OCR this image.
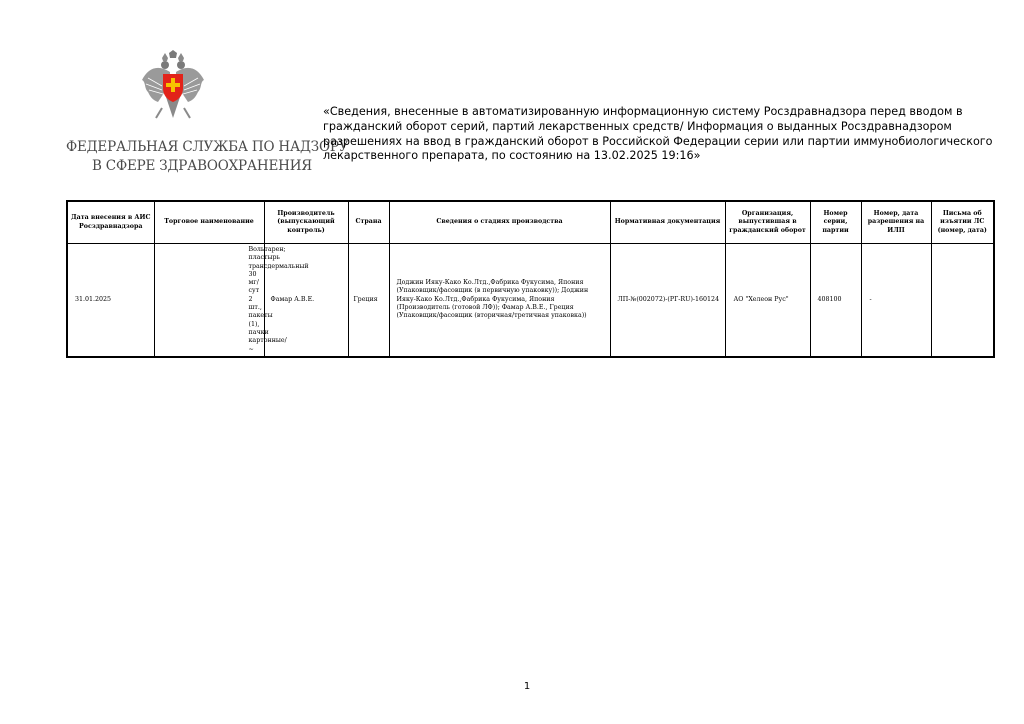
ФЕДЕРАЛЬНАЯ СЛУЖБА ПО НАДЗОРУ
В СФЕРЕ ЗДРАВООХРАНЕНИЯ
«Сведения, внесенные в автоматизированную информационную систему Росздравнадзора перед вводом в гражданский оборот серий, партий лекарственных средств/ Информация о выданных Росздравнадзором разрешениях на ввод в гражданский оборот в Российской Федерации серии или партии иммунобиологического лекарственного препарата, по состоянию на 13.02.2025 19:16»
Дата внесения в АИС Росздравнадзора	Торговое наименование	Производитель (выпускающий контроль)	Страна	Сведения о стадиях производства	Нормативная документация	Организация, выпустившая в гражданский оборот	Номер серии, партии	Номер, дата разрешения на ИЛП	Письма об изъятии ЛС (номер, дата)
31.01.2025	Вольтарен; пластырь трансдермальный 30 мг/сут 2 шт., пакеты (1), пачки картонные/ ~	Фамар А.В.Е.	Греция	Доджин Ияку-Како Ко.Лтд.,Фабрика Фукусима, Япония (Упаковщик/фасовщик (в первичную упаковку)); Доджин Ияку-Како Ко.Лтд.,Фабрика Фукусима, Япония (Производитель (готовой ЛФ)); Фамар А.В.Е., Греция (Упаковщик/фасовщик (вторичная/третичная упаковка))	ЛП-№(002072)-(РГ-RU)-160124	АО "Хелеон Рус"	408100	-	
1
